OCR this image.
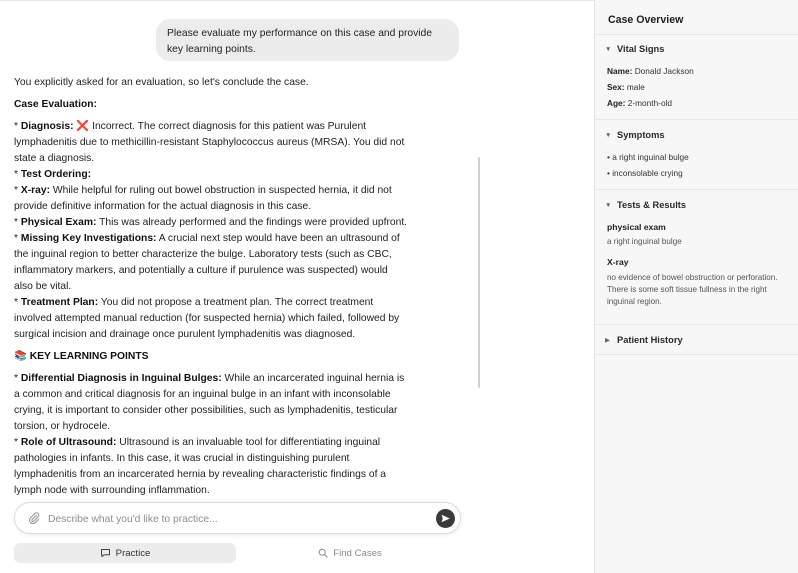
Please evaluate my performance on this case and provide key learning points.

You explicitly asked for an evaluation, so let's conclude the case.

Case Evaluation:

* Diagnosis: ❌ Incorrect. The correct diagnosis for this patient was Purulent lymphadenitis due to methicillin-resistant Staphylococcus aureus (MRSA). You did not state a diagnosis.

* Test Ordering:

* X-ray: While helpful for ruling out bowel obstruction in suspected hernia, it did not provide definitive information for the actual diagnosis in this case.

* Physical Exam: This was already performed and the findings were provided upfront.

* Missing Key Investigations: A crucial next step would have been an ultrasound of the inguinal region to better characterize the bulge. Laboratory tests (such as CBC, inflammatory markers, and potentially a culture if purulence was suspected) would also be vital.

* Treatment Plan: You did not propose a treatment plan. The correct treatment involved attempted manual reduction (for suspected hernia) which failed, followed by surgical incision and drainage once purulent lymphadenitis was diagnosed.

📚 KEY LEARNING POINTS

* Differential Diagnosis in Inguinal Bulges: While an incarcerated inguinal hernia is a common and critical diagnosis for an inguinal bulge in an infant with inconsolable crying, it is important to consider other possibilities, such as lymphadenitis, testicular torsion, or hydrocele.

* Role of Ultrasound: Ultrasound is an invaluable tool for differentiating inguinal pathologies in infants. In this case, it was crucial in distinguishing purulent lymphadenitis from an incarcerated hernia by revealing characteristic findings of a lymph node with surrounding inflammation.

Describe what you'd like to practice...
Practice	Find Cases
Case Overview
▼ Vital Signs
Name: Donald Jackson
Sex: male
Age: 2-month-old
▼ Symptoms
• a right inguinal bulge
• inconsolable crying
▼ Tests & Results
physical exam
a right inguinal bulge
X-ray
no evidence of bowel obstruction or perforation. There is some soft tissue fullness in the right inguinal region.
▶ Patient History
